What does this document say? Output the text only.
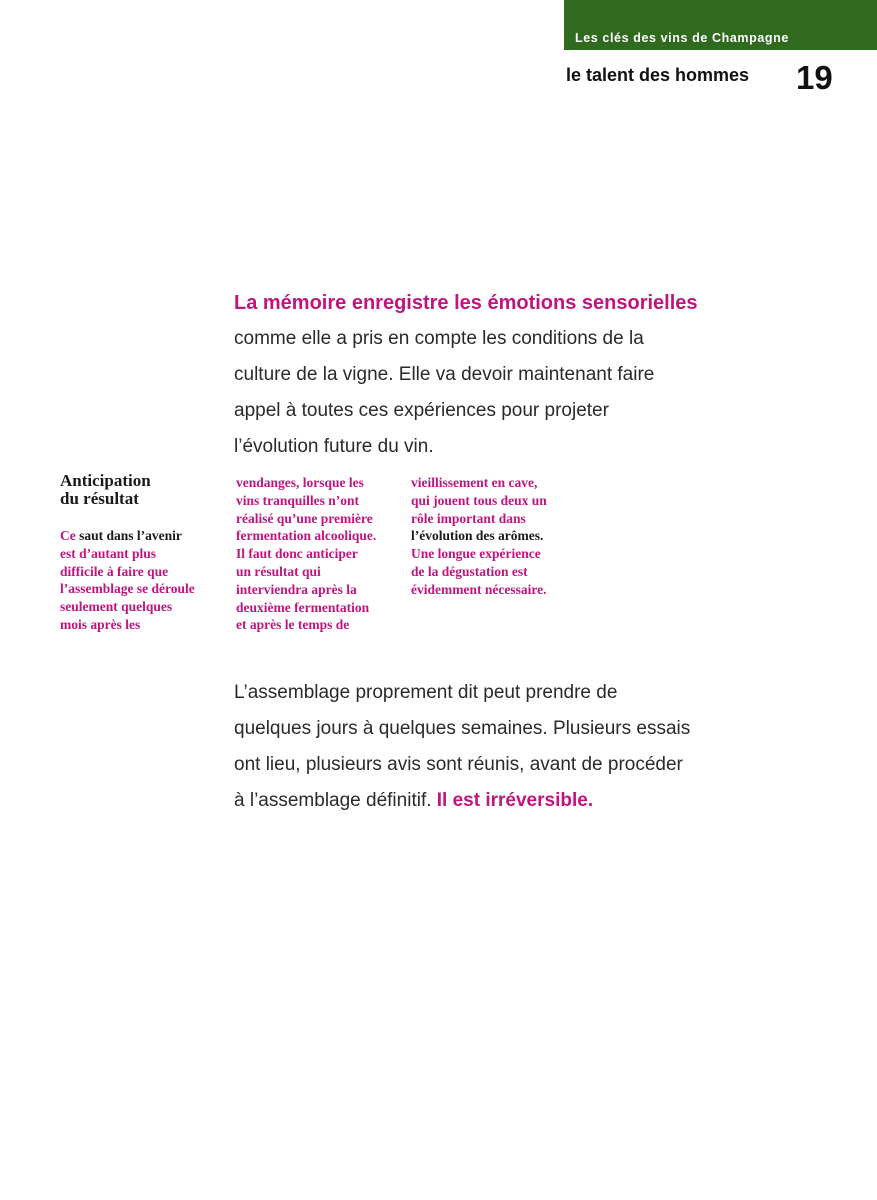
Les clés des vins de Champagne
le talent des hommes 19
La mémoire enregistre les émotions sensorielles
comme elle a pris en compte les conditions de la
culture de la vigne. Elle va devoir maintenant faire
appel à toutes ces expériences pour projeter
l’évolution future du vin.
Anticipation
du résultat
Ce saut dans l’avenir
est d’autant plus
difficile à faire que
l’assemblage se déroule
seulement quelques
mois après les
vendanges, lorsque les
vins tranquilles n’ont
réalisé qu’une première
fermentation alcoolique.
Il faut donc anticiper
un résultat qui
interviendra après la
deuxième fermentation
et après le temps de
vieillissement en cave,
qui jouent tous deux un
rôle important dans
l’évolution des arômes.
Une longue expérience
de la dégustation est
évidemment nécessaire.
L’assemblage proprement dit peut prendre de
quelques jours à quelques semaines. Plusieurs essais
ont lieu, plusieurs avis sont réunis, avant de procéder
à l’assemblage définitif. Il est irréversible.
